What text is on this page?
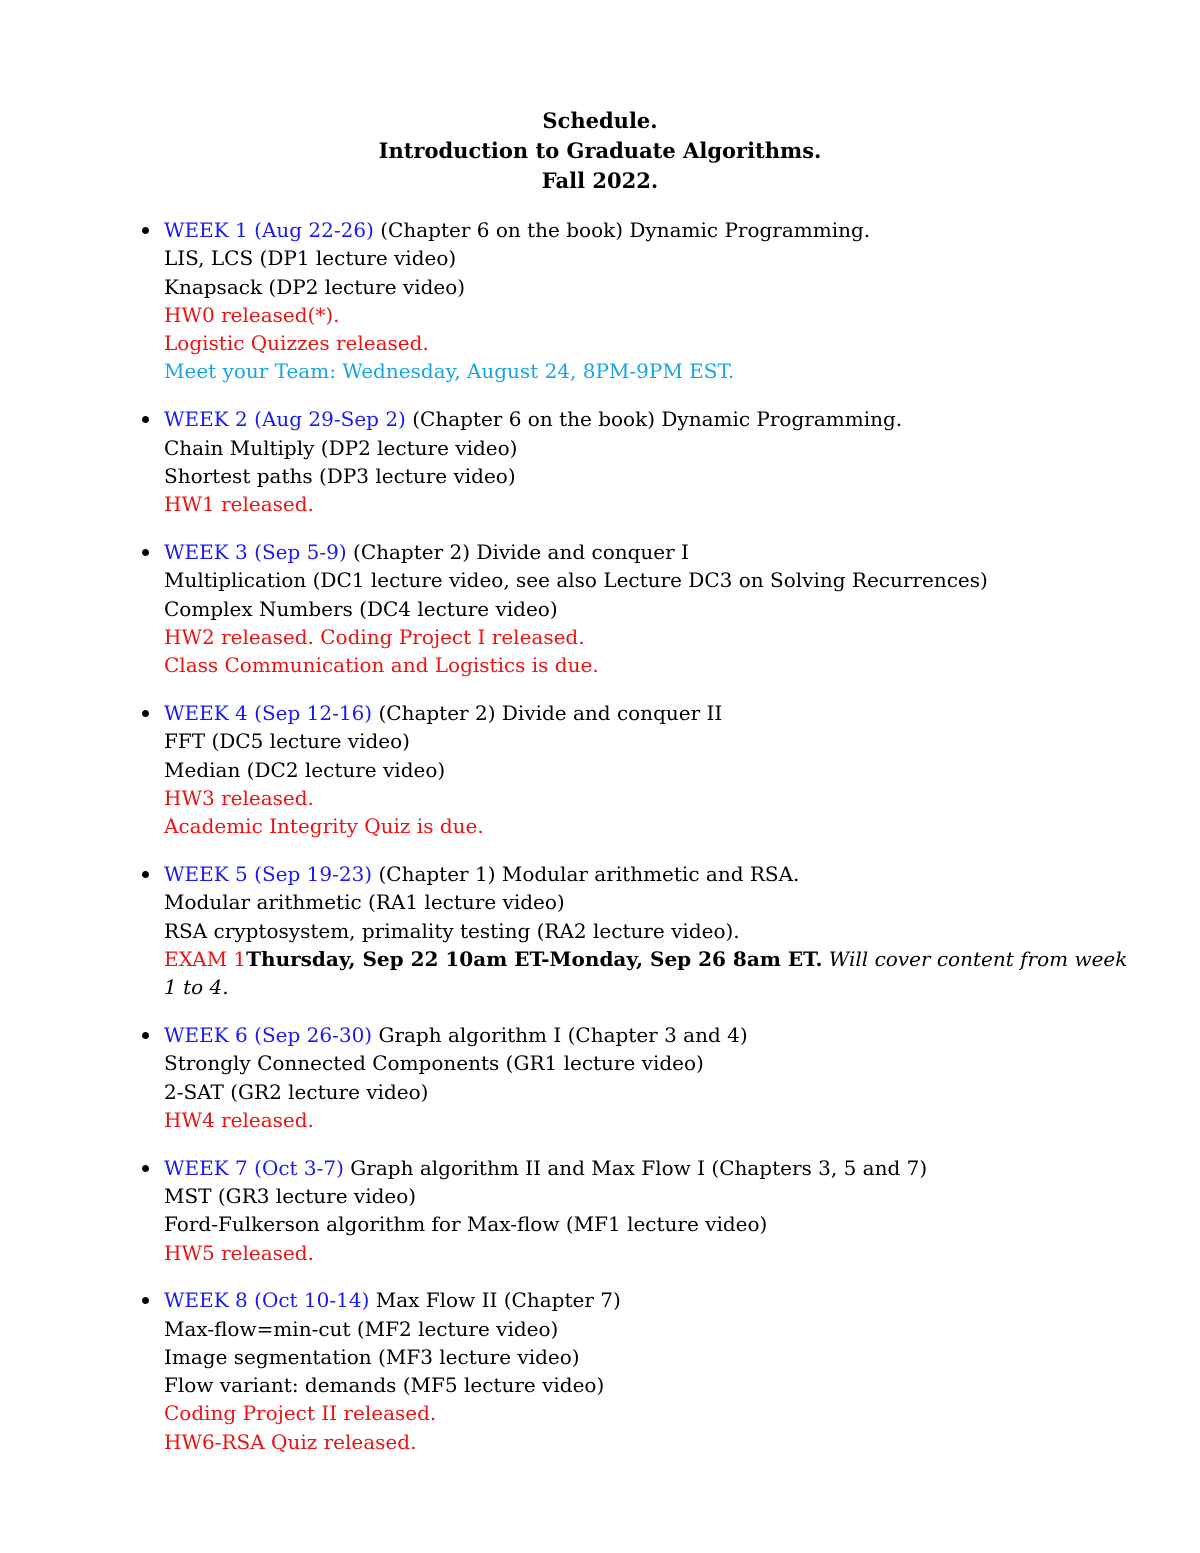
Schedule.
Introduction to Graduate Algorithms.
Fall 2022.
WEEK 1 (Aug 22-26) (Chapter 6 on the book) Dynamic Programming.
LIS, LCS (DP1 lecture video)
Knapsack (DP2 lecture video)
HW0 released(*).
Logistic Quizzes released.
Meet your Team: Wednesday, August 24, 8PM-9PM EST.
WEEK 2 (Aug 29-Sep 2) (Chapter 6 on the book) Dynamic Programming.
Chain Multiply (DP2 lecture video)
Shortest paths (DP3 lecture video)
HW1 released.
WEEK 3 (Sep 5-9) (Chapter 2) Divide and conquer I
Multiplication (DC1 lecture video, see also Lecture DC3 on Solving Recurrences)
Complex Numbers (DC4 lecture video)
HW2 released. Coding Project I released.
Class Communication and Logistics is due.
WEEK 4 (Sep 12-16) (Chapter 2) Divide and conquer II
FFT (DC5 lecture video)
Median (DC2 lecture video)
HW3 released.
Academic Integrity Quiz is due.
WEEK 5 (Sep 19-23) (Chapter 1) Modular arithmetic and RSA.
Modular arithmetic (RA1 lecture video)
RSA cryptosystem, primality testing (RA2 lecture video).
EXAM 1Thursday, Sep 22 10am ET-Monday, Sep 26 8am ET. Will cover content from week 1 to 4.
WEEK 6 (Sep 26-30) Graph algorithm I (Chapter 3 and 4)
Strongly Connected Components (GR1 lecture video)
2-SAT (GR2 lecture video)
HW4 released.
WEEK 7 (Oct 3-7) Graph algorithm II and Max Flow I (Chapters 3, 5 and 7)
MST (GR3 lecture video)
Ford-Fulkerson algorithm for Max-flow (MF1 lecture video)
HW5 released.
WEEK 8 (Oct 10-14) Max Flow II (Chapter 7)
Max-flow=min-cut (MF2 lecture video)
Image segmentation (MF3 lecture video)
Flow variant: demands (MF5 lecture video)
Coding Project II released.
HW6-RSA Quiz released.
